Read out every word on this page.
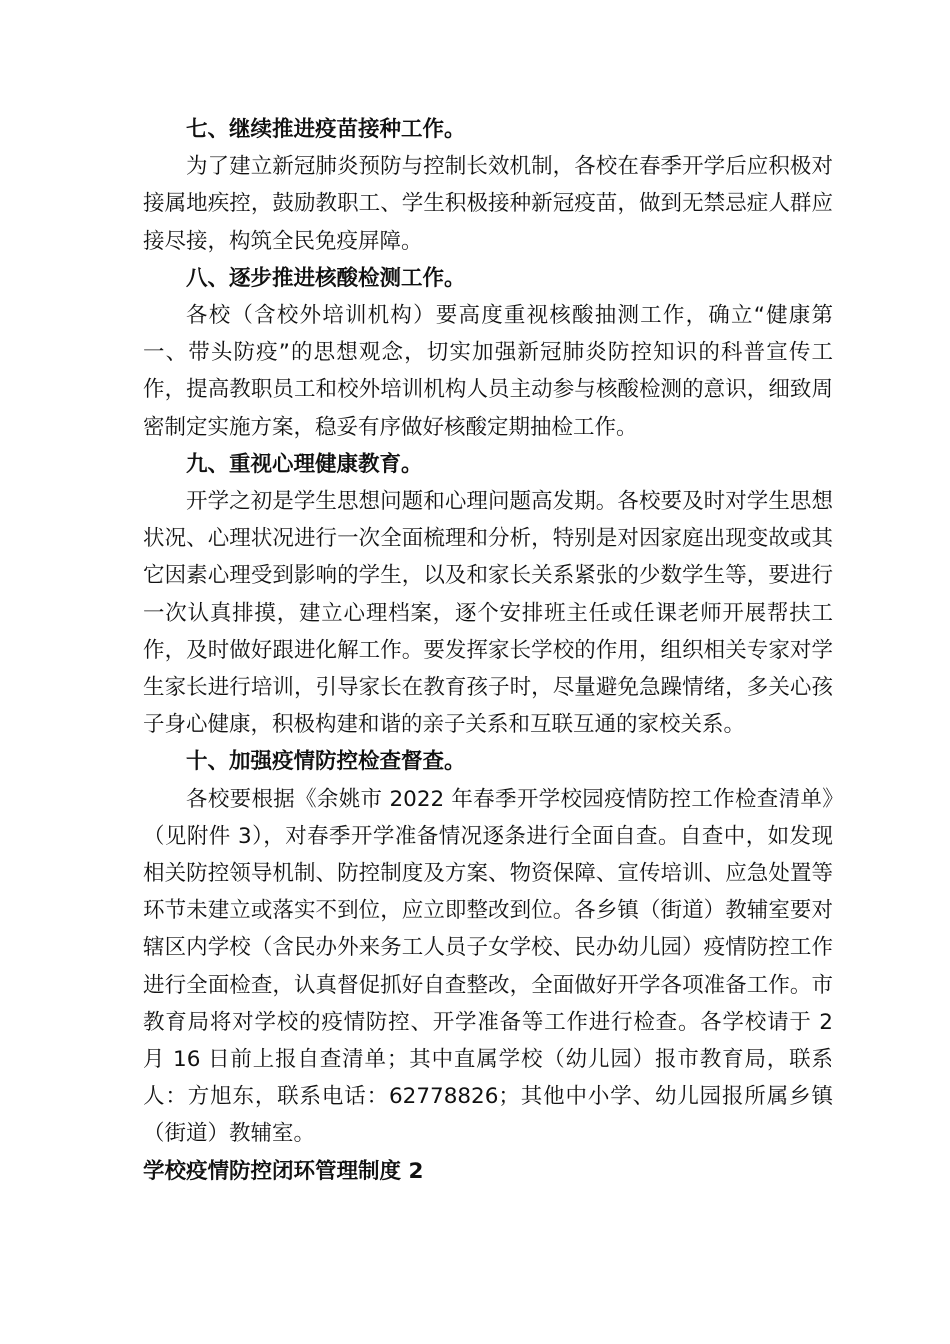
七、继续推进疫苗接种工作。

为了建立新冠肺炎预防与控制长效机制，各校在春季开学后应积极对接属地疾控，鼓励教职工、学生积极接种新冠疫苗，做到无禁忌症人群应接尽接，构筑全民免疫屏障。

八、逐步推进核酸检测工作。

各校（含校外培训机构）要高度重视核酸抽测工作，确立“健康第一、带头防疫”的思想观念，切实加强新冠肺炎防控知识的科普宣传工作，提高教职员工和校外培训机构人员主动参与核酸检测的意识，细致周密制定实施方案，稳妥有序做好核酸定期抽检工作。

九、重视心理健康教育。

开学之初是学生思想问题和心理问题高发期。各校要及时对学生思想状况、心理状况进行一次全面梳理和分析，特别是对因家庭出现变故或其它因素心理受到影响的学生，以及和家长关系紧张的少数学生等，要进行一次认真排摸，建立心理档案，逐个安排班主任或任课老师开展帮扶工作，及时做好跟进化解工作。要发挥家长学校的作用，组织相关专家对学生家长进行培训，引导家长在教育孩子时，尽量避免急躁情绪，多关心孩子身心健康，积极构建和谐的亲子关系和互联互通的家校关系。

十、加强疫情防控检查督查。

各校要根据《余姚市 2022 年春季开学校园疫情防控工作检查清单》（见附件 3），对春季开学准备情况逐条进行全面自查。自查中，如发现相关防控领导机制、防控制度及方案、物资保障、宣传培训、应急处置等环节未建立或落实不到位，应立即整改到位。各乡镇（街道）教辅室要对辖区内学校（含民办外来务工人员子女学校、民办幼儿园）疫情防控工作进行全面检查，认真督促抓好自查整改，全面做好开学各项准备工作。市教育局将对学校的疫情防控、开学准备等工作进行检查。各学校请于 2 月 16 日前上报自查清单；其中直属学校（幼儿园）报市教育局，联系人：方旭东，联系电话：62778826；其他中小学、幼儿园报所属乡镇（街道）教辅室。

学校疫情防控闭环管理制度 2
